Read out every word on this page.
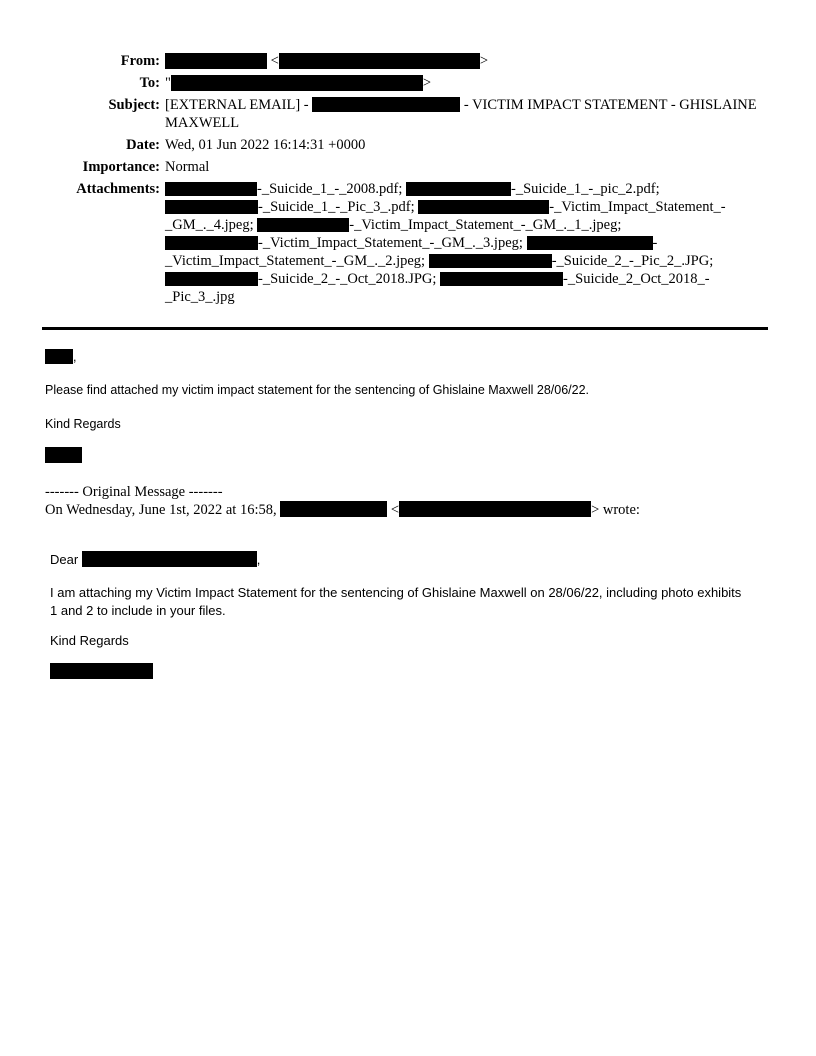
From:	<	>
To: "	>
Subject: [EXTERNAL EMAIL] -	- VICTIM IMPACT STATEMENT - GHISLAINE MAXWELL
Date: Wed, 01 Jun 2022 16:14:31 +0000
Importance: Normal
Attachments:	-_Suicide_1_-_2008.pdf;	-_Suicide_1_-_pic_2.pdf;
-_Suicide_1_-_Pic_3_.pdf;	-_Victim_Impact_Statement_-
_GM_._4.jpeg;	-_Victim_Impact_Statement_-_GM_._1_.jpeg;
-_Victim_Impact_Statement_-_GM_._3.jpeg;	-
_Victim_Impact_Statement_-_GM_._2.jpeg;	-_Suicide_2_-_Pic_2_.JPG;
-_Suicide_2_-_Oct_2018.JPG;	-_Suicide_2_Oct_2018_-
_Pic_3_.jpg
,
Please find attached my victim impact statement for the sentencing of Ghislaine Maxwell 28/06/22.
Kind Regards
------- Original Message -------
On Wednesday, June 1st, 2022 at 16:58,	<	> wrote:
Dear	,
I am attaching my Victim Impact Statement for the sentencing of Ghislaine Maxwell on 28/06/22, including photo exhibits 1 and 2 to include in your files.
Kind Regards
